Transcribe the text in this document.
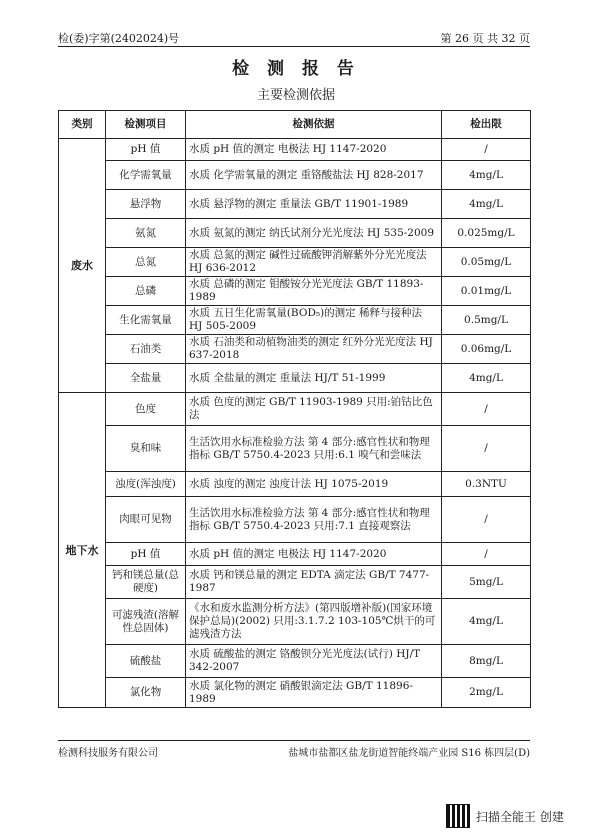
检(委)字第(2402024)号	第 26 页 共 32 页
检 测 报 告
主要检测依据
类别	检测项目	检测依据	检出限
废水	pH 值	水质 pH 值的测定 电极法 HJ 1147-2020	/
	化学需氧量	水质 化学需氧量的测定 重铬酸盐法 HJ 828-2017	4mg/L
	悬浮物	水质 悬浮物的测定 重量法 GB/T 11901-1989	4mg/L
	氨氮	水质 氨氮的测定 纳氏试剂分光光度法 HJ 535-2009	0.025mg/L
	总氮	水质 总氮的测定 碱性过硫酸钾消解紫外分光光度法 HJ 636-2012	0.05mg/L
	总磷	水质 总磷的测定 钼酸铵分光光度法 GB/T 11893-1989	0.01mg/L
	生化需氧量	水质 五日生化需氧量(BOD₅)的测定 稀释与接种法 HJ 505-2009	0.5mg/L
	石油类	水质 石油类和动植物油类的测定 红外分光光度法 HJ 637-2018	0.06mg/L
	全盐量	水质 全盐量的测定 重量法 HJ/T 51-1999	4mg/L
地下水	色度	水质 色度的测定 GB/T 11903-1989 只用:铂钴比色法	/
	臭和味	生活饮用水标准检验方法 第 4 部分:感官性状和物理指标 GB/T 5750.4-2023 只用:6.1 嗅气和尝味法	/
	浊度(浑浊度)	水质 浊度的测定 浊度计法 HJ 1075-2019	0.3NTU
	肉眼可见物	生活饮用水标准检验方法 第 4 部分:感官性状和物理指标 GB/T 5750.4-2023 只用:7.1 直接观察法	/
	pH 值	水质 pH 值的测定 电极法 HJ 1147-2020	/
	钙和镁总量(总硬度)	水质 钙和镁总量的测定 EDTA 滴定法 GB/T 7477-1987	5mg/L
	可滤残渣(溶解性总固体)	《水和废水监测分析方法》(第四版增补版)(国家环境保护总局)(2002) 只用:3.1.7.2 103-105℃烘干的可滤残渣方法	4mg/L
	硫酸盐	水质 硫酸盐的测定 铬酸钡分光光度法(试行) HJ/T 342-2007	8mg/L
	氯化物	水质 氯化物的测定 硝酸银滴定法 GB/T 11896-1989	2mg/L
检测科技服务有限公司	盐城市盐都区盐龙街道智能终端产业园 S16 栋四层(D)
扫描全能王 创建
